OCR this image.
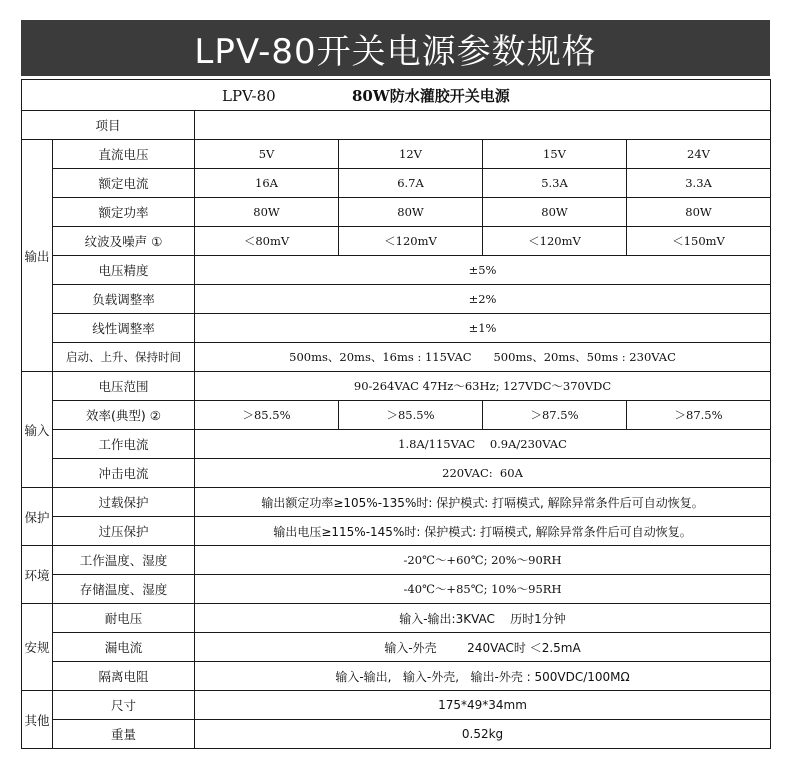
LPV-80开关电源参数规格
LPV-80 80W防水灌胶开关电源					
项目					
输出	直流电压	5V	12V	15V	24V
	额定电流	16A	6.7A	5.3A	3.3A
	额定功率	80W	80W	80W	80W
	纹波及噪声 ①	＜80mV	＜120mV	＜120mV	＜150mV
	电压精度	±5%			
	负载调整率	±2%			
	线性调整率	±1%			
	启动、上升、保持时间	500ms、20ms、16ms : 115VAC      500ms、20ms、50ms : 230VAC			
输入	电压范围	90-264VAC 47Hz～63Hz; 127VDC～370VDC			
	效率(典型) ②	＞85.5%	＞85.5%	＞87.5%	＞87.5%
	工作电流	1.8A/115VAC    0.9A/230VAC			
	冲击电流	220VAC:  60A			
保护	过载保护	输出额定功率≥105%-135%时: 保护模式: 打嗝模式, 解除异常条件后可自动恢复。			
	过压保护	输出电压≥115%-145%时: 保护模式: 打嗝模式, 解除异常条件后可自动恢复。			
环境	工作温度、湿度	-20℃～+60℃; 20%～90RH			
	存储温度、湿度	-40℃～+85℃; 10%～95RH			
安规	耐电压	输入-输出:3KVAC    历时1分钟			
	漏电流	输入-外壳        240VAC时 ＜2.5mA			
	隔离电阻	输入-输出,   输入-外壳,   输出-外壳 : 500VDC/100MΩ			
其他	尺寸	175*49*34mm			
	重量	0.52kg			
